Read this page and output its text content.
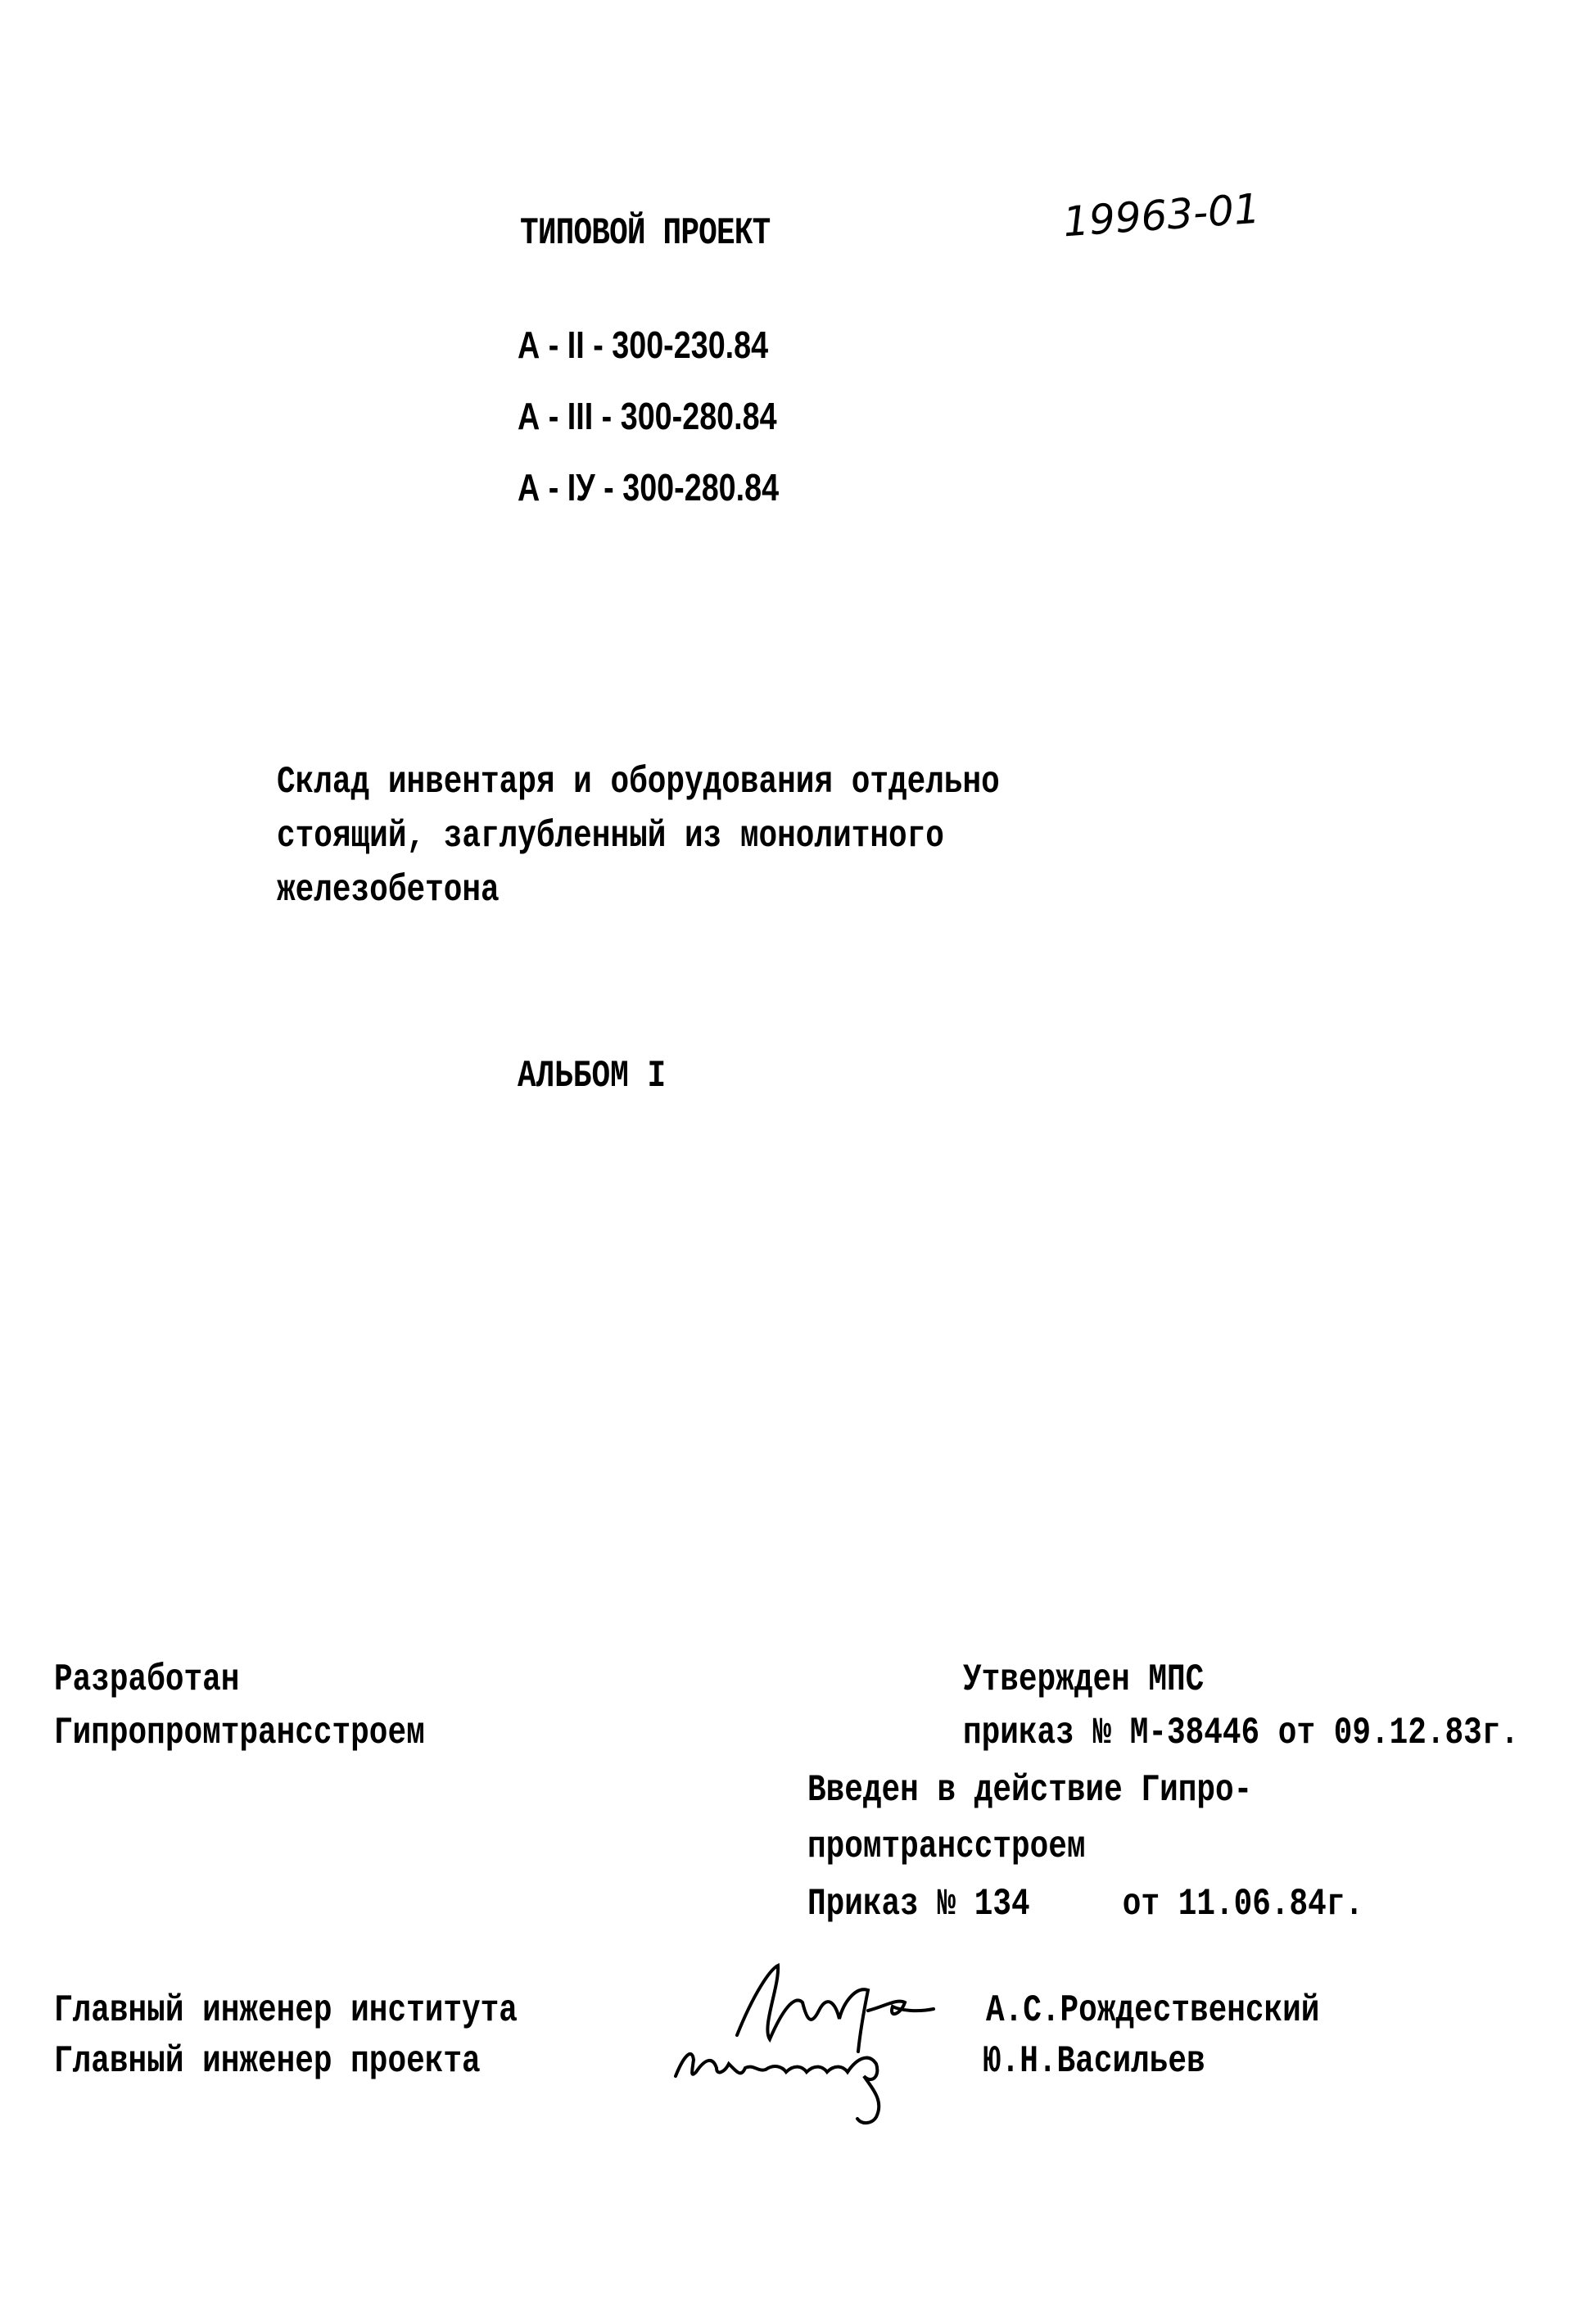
ТИПОВОЙ ПРОЕКТ	19963-01
А - II - 300-230.84
А - III - 300-280.84
А - IУ - 300-280.84
Склад инвентаря и оборудования отдельно
стоящий, заглубленный из монолитного
железобетона
АЛЬБОМ I
Разработан
Гипропромтрансстроем
Утвержден МПС
приказ № М-38446 от 09.12.83г.
Введен в действие Гипро-
промтрансстроем
Приказ № 134     от 11.06.84г.
Главный инженер института
Главный инженер проекта
А.С.Рождественский
Ю.Н.Васильев
